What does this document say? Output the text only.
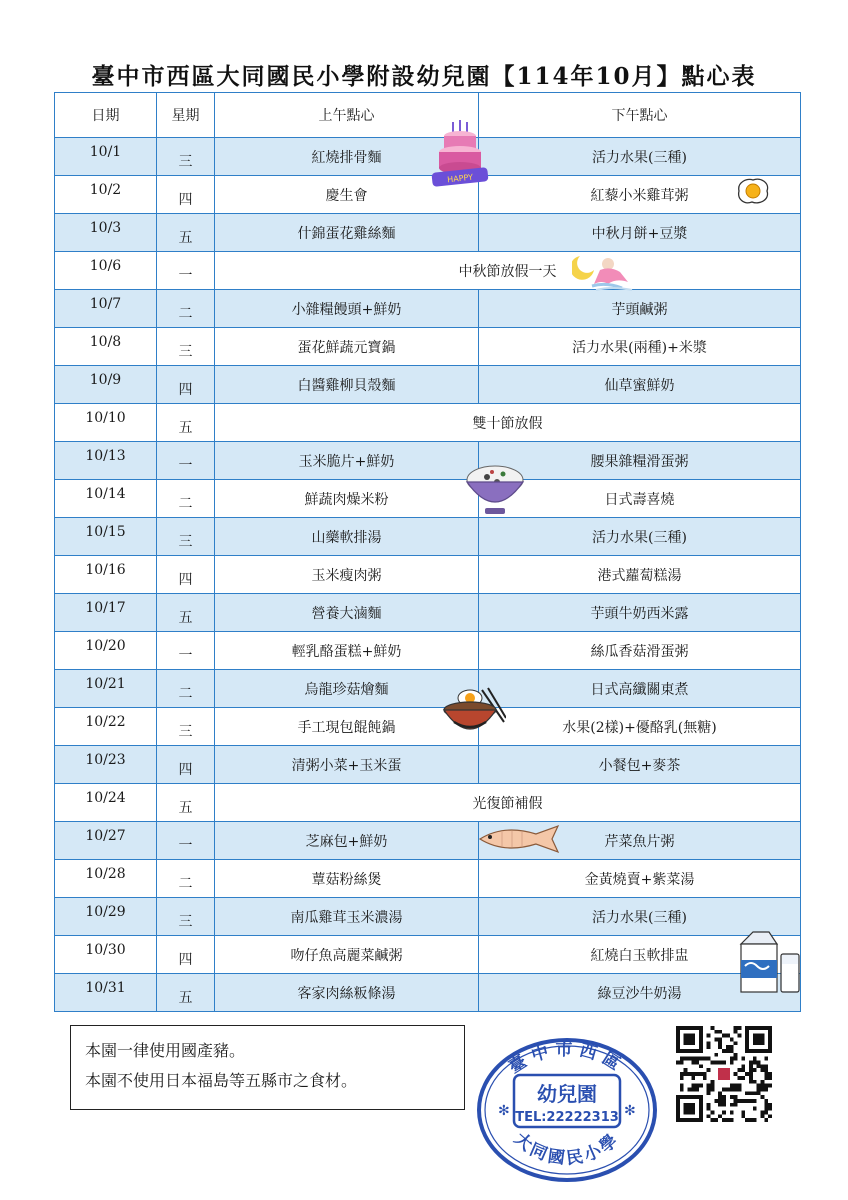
臺中市西區大同國民小學附設幼兒園【114年10月】點心表
日期	星期	上午點心	下午點心
10/1	三	紅燒排骨麵	活力水果(三種)
10/2	四	慶生會	紅藜小米雞茸粥
10/3	五	什錦蛋花雞絲麵	中秋月餅+豆漿
10/6	一	中秋節放假一天	
10/7	二	小雜糧饅頭+鮮奶	芋頭鹹粥
10/8	三	蛋花鮮蔬元寶鍋	活力水果(兩種)+米漿
10/9	四	白醬雞柳貝殼麵	仙草蜜鮮奶
10/10	五	雙十節放假	
10/13	一	玉米脆片+鮮奶	腰果雜糧滑蛋粥
10/14	二	鮮蔬肉燥米粉	日式壽喜燒
10/15	三	山藥軟排湯	活力水果(三種)
10/16	四	玉米瘦肉粥	港式蘿蔔糕湯
10/17	五	營養大滷麵	芋頭牛奶西米露
10/20	一	輕乳酪蛋糕+鮮奶	絲瓜香菇滑蛋粥
10/21	二	烏龍珍菇燴麵	日式高纖關東煮
10/22	三	手工現包餛飩鍋	水果(2樣)+優酪乳(無糖)
10/23	四	清粥小菜+玉米蛋	小餐包+麥茶
10/24	五	光復節補假	
10/27	一	芝麻包+鮮奶	芹菜魚片粥
10/28	二	蕈菇粉絲煲	金黃燒賣+紫菜湯
10/29	三	南瓜雞茸玉米濃湯	活力水果(三種)
10/30	四	吻仔魚高麗菜鹹粥	紅燒白玉軟排盅
10/31	五	客家肉絲粄條湯	綠豆沙牛奶湯
本園一律使用國產豬。
本園不使用日本福島等五縣市之食材。
HAPPY
臺中市西區
大同國民小學
幼兒園
TEL:22222313
✻	✻
